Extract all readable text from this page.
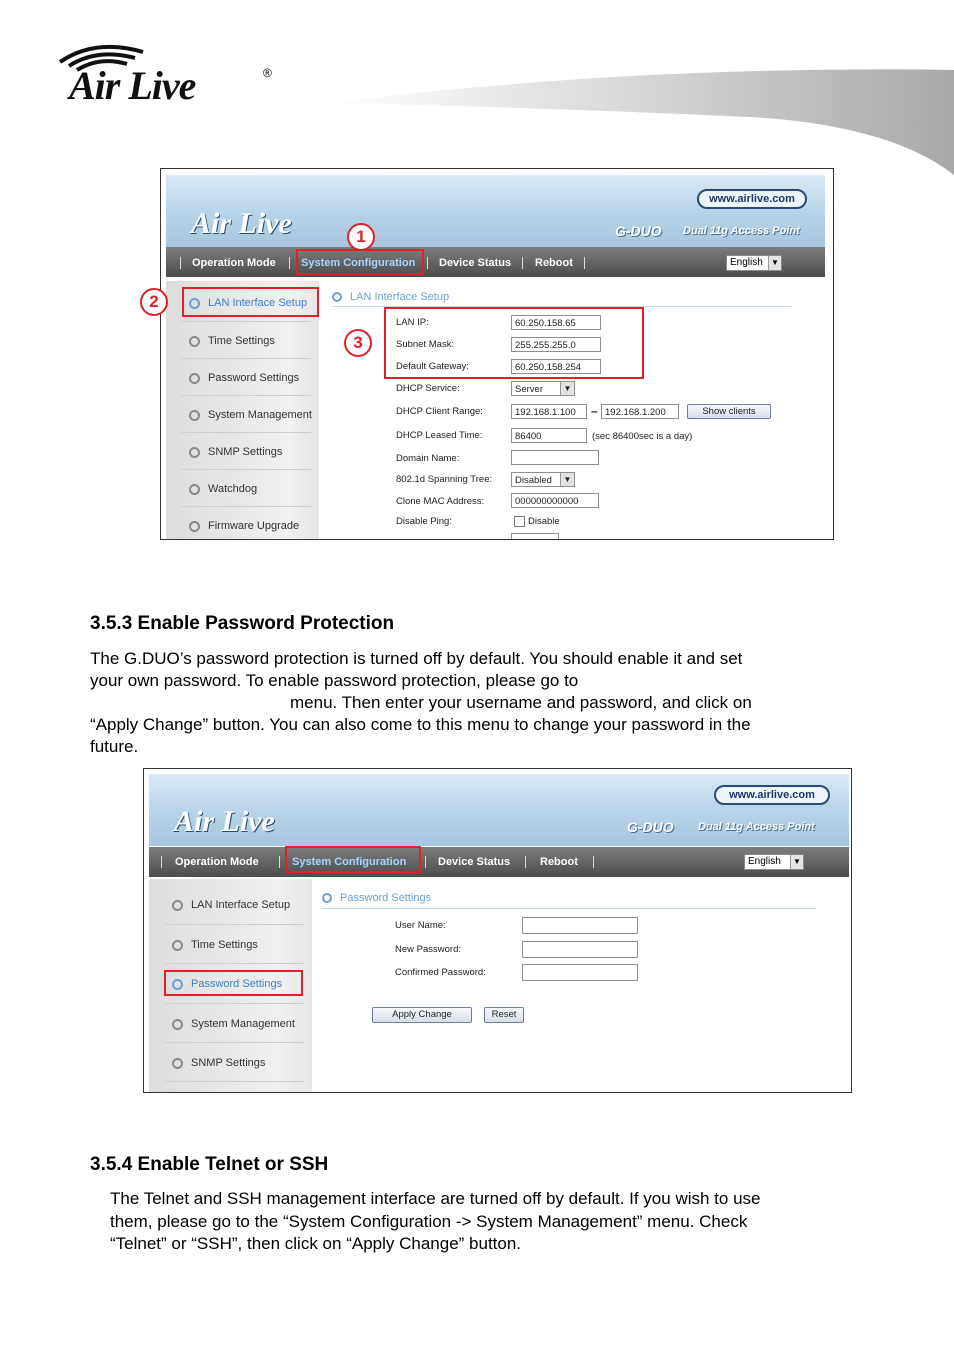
Air Live	®
Air Live
www.airlive.com
G-DUO Dual 11g Access Point
Operation Mode System Configuration Device Status Reboot	English	▼
LAN Interface Setup
Time Settings
Password Settings
System Management
SNMP Settings
Watchdog
Firmware Upgrade
LAN Interface Setup
LAN IP:	60.250.158.65
Subnet Mask:	255.255.255.0
Default Gateway:	60.250.158.254
DHCP Service:	Server	▼
DHCP Client Range:	192.168.1.100	– 192.168.1.200	Show clients
DHCP Leased Time:	86400	(sec 86400sec is a day)
Domain Name:
802.1d Spanning Tree:	Disabled	▼
Clone MAC Address:	000000000000
Disable Ping:	Disable
1
3
2
3.5.3 Enable Password Protection
The G.DUO’s password protection is turned off by default. You should enable it and set
your own password. To enable password protection, please go to
menu. Then enter your username and password, and click on
“Apply Change” button. You can also come to this menu to change your password in the
future.
Air Live
www.airlive.com
G-DUO Dual 11g Access Point
Operation Mode	System Configuration	Device Status	Reboot	English	▼
LAN Interface Setup
Time Settings
Password Settings
System Management
SNMP Settings
Password Settings
User Name:
New Password:
Confirmed Password:
Apply Change	Reset
3.5.4 Enable Telnet or SSH
The Telnet and SSH management interface are turned off by default. If you wish to use
them, please go to the “System Configuration -> System Management” menu. Check
“Telnet” or “SSH”, then click on “Apply Change” button.
